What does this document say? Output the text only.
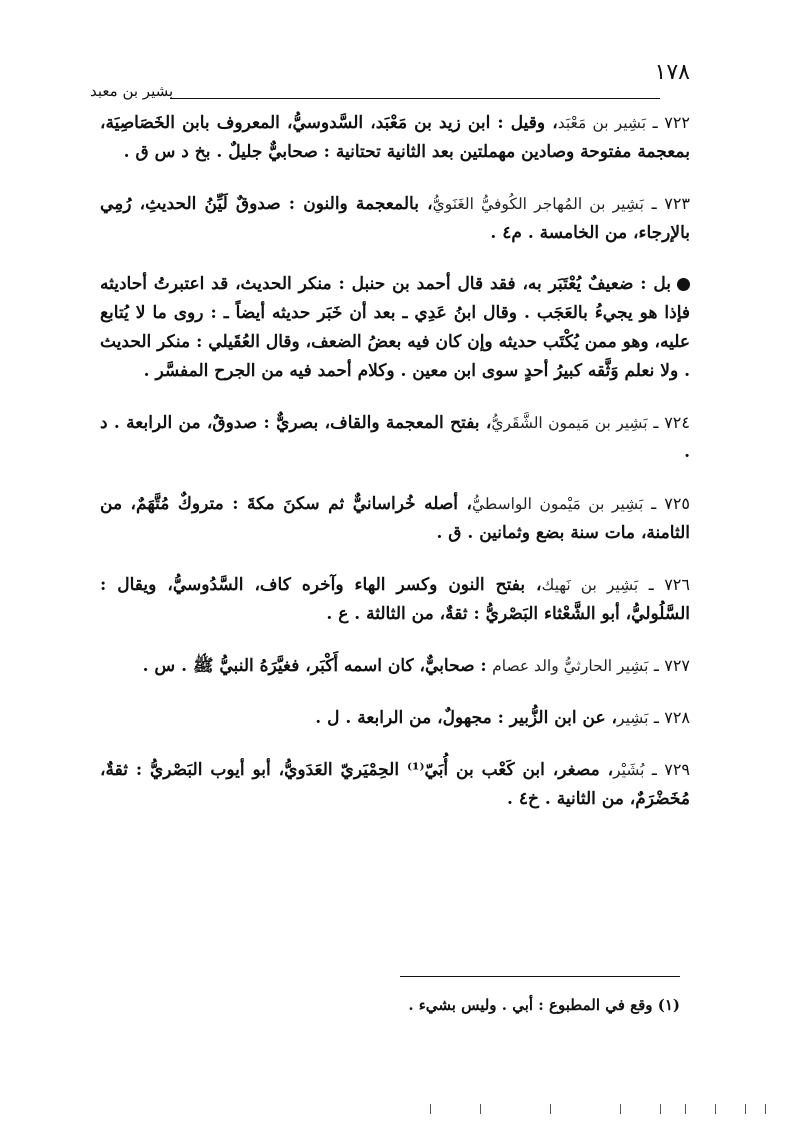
١٧٨
بشير بن معبد

٧٢٢ ـ بَشِير بن مَعْبَد، وقيل : ابن زيد بن مَعْبَد، السَّدوسيُّ، المعروف بابن الخَصَاصِيَة، بمعجمة مفتوحة وصادين مهملتين بعد الثانية تحتانية : صحابيٌّ جليلٌ . بخ د س ق .

٧٢٣ ـ بَشِير بن المُهاجر الكُوفيُّ الغَنَويُّ، بالمعجمة والنون : صدوقٌ لَيِّنُ الحديثِ، رُمِي بالإرجاء، من الخامسة . م٤ .

بل : ضعيفٌ يُعْتَبَر به، فقد قال أحمد بن حنبل : منكر الحديث، قد اعتبرتُ أحاديثه فإذا هو يجيءُ بالعَجَب . وقال ابنُ عَدِي ـ بعد أن خَبَر حديثه أيضاً ـ : روى ما لا يُتابع عليه، وهو ممن يُكْتَب حديثه وإن كان فيه بعضُ الضعف، وقال العُقَيلي : منكر الحديث . ولا نعلم وَثَّقه كبيرُ أحدٍ سوى ابن معين . وكلام أحمد فيه من الجرح المفسَّر .

٧٢٤ ـ بَشِير بن مَيمون الشَّقَريُّ، بفتح المعجمة والقاف، بصريٌّ : صدوقٌ، من الرابعة . د .

٧٢٥ ـ بَشِير بن مَيْمون الواسطيُّ، أصله خُراسانيٌّ ثم سكنَ مكةَ : متروكٌ مُتَّهَمٌ، من الثامنة، مات سنة بضع وثمانين . ق .

٧٢٦ ـ بَشِير بن نَهيك، بفتح النون وكسر الهاء وآخره كاف، السَّدُوسيُّ، ويقال : السَّلُوليُّ، أبو الشَّعْثاء البَصْريُّ : ثقةٌ، من الثالثة . ع .

٧٢٧ ـ بَشِير الحارثيُّ والد عصام : صحابيٌّ، كان اسمه أَكْبَر، فغيَّرَهُ النبيُّ ﷺ . س .

٧٢٨ ـ بَشِير، عن ابن الزُّبير : مجهولٌ، من الرابعة . ل .

٧٢٩ ـ بُشَيْر، مصغر، ابن كَعْب بن أُبَيّ⁽¹⁾ الحِمْيَريّ العَدَويُّ، أبو أيوب البَصْريُّ : ثقةٌ، مُخَضْرَمٌ، من الثانية . خ٤ .

(١) وقع في المطبوع : أبي . وليس بشيء .
